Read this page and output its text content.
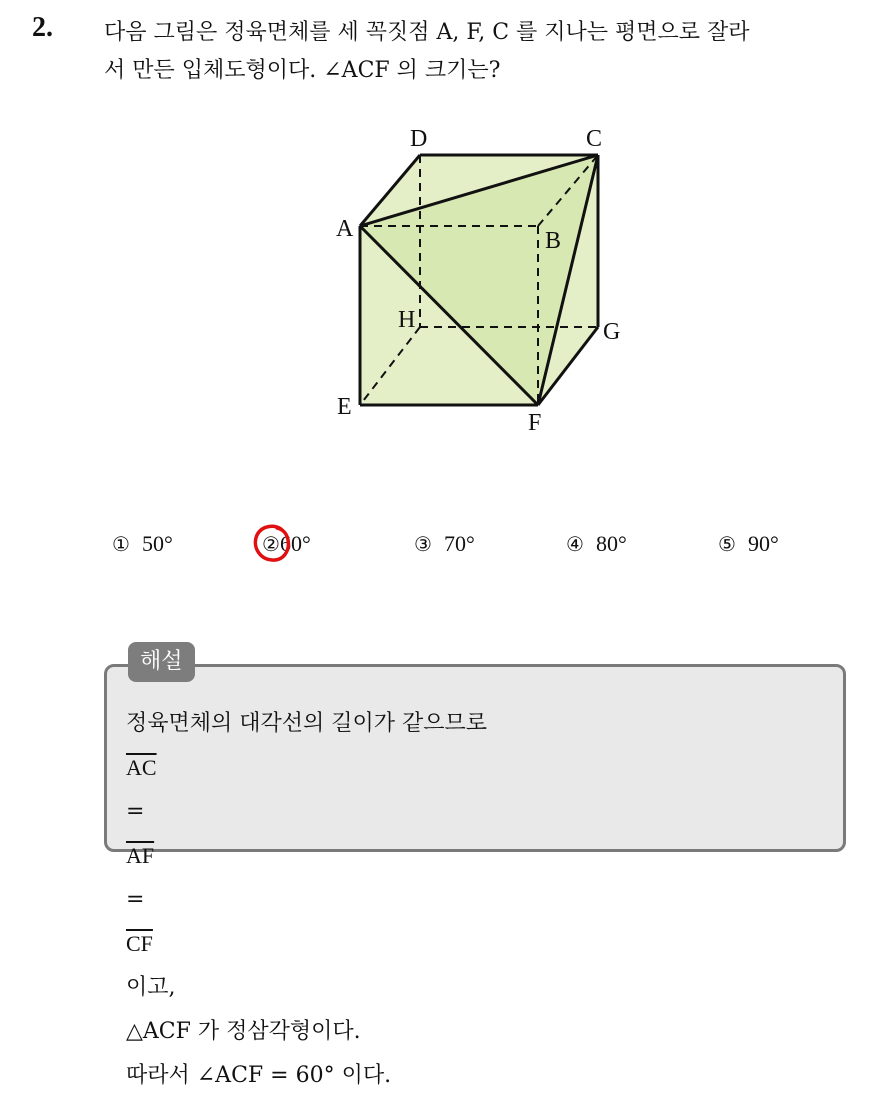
2. 다음 그림은 정육면체를 세 꼭짓점 A, F, C 를 지나는 평면으로 잘라
서 만든 입체도형이다. ∠ACF 의 크기는?
D	C
A	B
H	G
E
F
① 50°	②60°	③ 70°	④ 80°	⑤ 90°
해설
정육면체의 대각선의 길이가 같으므로
$\overline{AC}$
=
$\overline{AF}$
=
$\overline{CF}$
이고,
△ACF 가 정삼각형이다.
따라서 ∠ACF = 60° 이다.
